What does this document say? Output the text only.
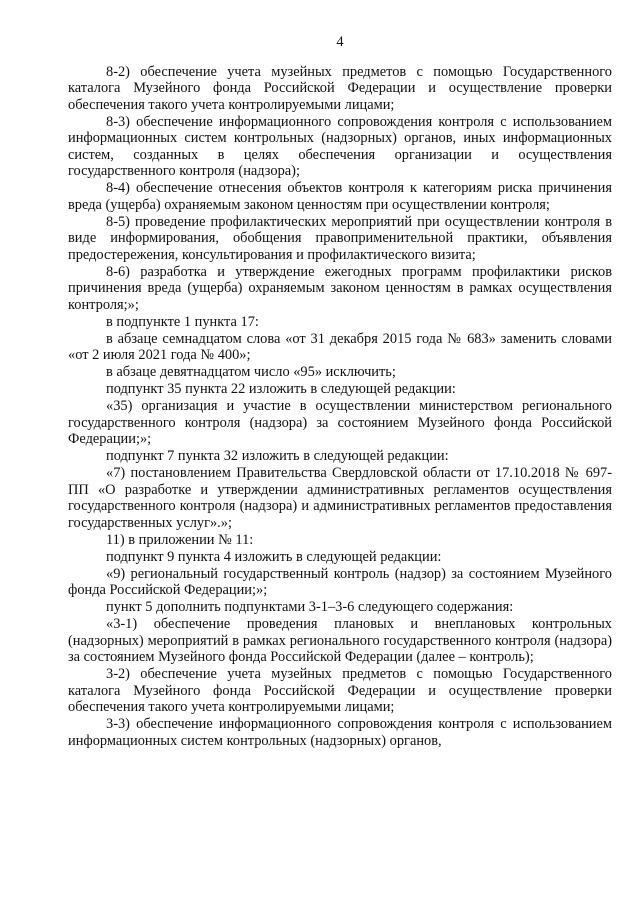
4

8-2) обеспечение учета музейных предметов с помощью Государственного каталога Музейного фонда Российской Федерации и осуществление проверки обеспечения такого учета контролируемыми лицами;

8-3) обеспечение информационного сопровождения контроля с использованием информационных систем контрольных (надзорных) органов, иных информационных систем, созданных в целях обеспечения организации и осуществления государственного контроля (надзора);

8-4) обеспечение отнесения объектов контроля к категориям риска причинения вреда (ущерба) охраняемым законом ценностям при осуществлении контроля;

8-5) проведение профилактических мероприятий при осуществлении контроля в виде информирования, обобщения правоприменительной практики, объявления предостережения, консультирования и профилактического визита;

8-6) разработка и утверждение ежегодных программ профилактики рисков причинения вреда (ущерба) охраняемым законом ценностям в рамках осуществления контроля;»;

в подпункте 1 пункта 17:

в абзаце семнадцатом слова «от 31 декабря 2015 года № 683» заменить словами «от 2 июля 2021 года № 400»;

в абзаце девятнадцатом число «95» исключить;

подпункт 35 пункта 22 изложить в следующей редакции:

«35) организация и участие в осуществлении министерством регионального государственного контроля (надзора) за состоянием Музейного фонда Российской Федерации;»;

подпункт 7 пункта 32 изложить в следующей редакции:

«7) постановлением Правительства Свердловской области от 17.10.2018 № 697-ПП «О разработке и утверждении административных регламентов осуществления государственного контроля (надзора) и административных регламентов предоставления государственных услуг».»;

11) в приложении № 11:

подпункт 9 пункта 4 изложить в следующей редакции:

«9) региональный государственный контроль (надзор) за состоянием Музейного фонда Российской Федерации;»;

пункт 5 дополнить подпунктами 3-1–3-6 следующего содержания:

«3-1) обеспечение проведения плановых и внеплановых контрольных (надзорных) мероприятий в рамках регионального государственного контроля (надзора) за состоянием Музейного фонда Российской Федерации (далее – контроль);

3-2) обеспечение учета музейных предметов с помощью Государственного каталога Музейного фонда Российской Федерации и осуществление проверки обеспечения такого учета контролируемыми лицами;

3-3) обеспечение информационного сопровождения контроля с использованием информационных систем контрольных (надзорных) органов,
